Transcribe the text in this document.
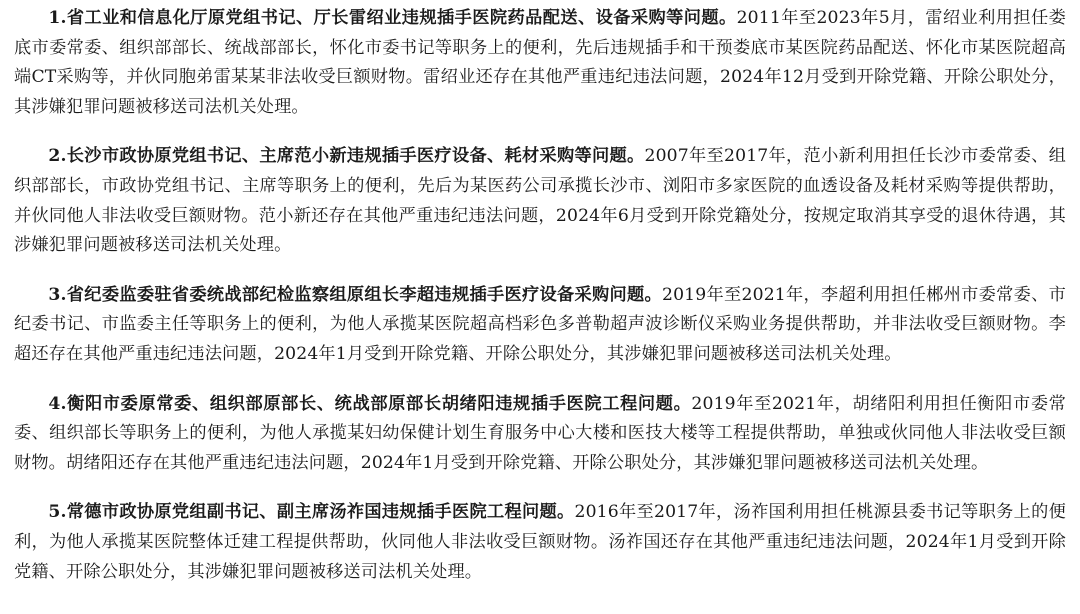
1.省工业和信息化厅原党组书记、厅长雷绍业违规插手医院药品配送、设备采购等问题。2011年至2023年5月，雷绍业利用担任娄底市委常委、组织部部长、统战部部长，怀化市委书记等职务上的便利，先后违规插手和干预娄底市某医院药品配送、怀化市某医院超高端CT采购等，并伙同胞弟雷某某非法收受巨额财物。雷绍业还存在其他严重违纪违法问题，2024年12月受到开除党籍、开除公职处分，其涉嫌犯罪问题被移送司法机关处理。

2.长沙市政协原党组书记、主席范小新违规插手医疗设备、耗材采购等问题。2007年至2017年，范小新利用担任长沙市委常委、组织部部长，市政协党组书记、主席等职务上的便利，先后为某医药公司承揽长沙市、浏阳市多家医院的血透设备及耗材采购等提供帮助，并伙同他人非法收受巨额财物。范小新还存在其他严重违纪违法问题，2024年6月受到开除党籍处分，按规定取消其享受的退休待遇，其涉嫌犯罪问题被移送司法机关处理。

3.省纪委监委驻省委统战部纪检监察组原组长李超违规插手医疗设备采购问题。2019年至2021年，李超利用担任郴州市委常委、市纪委书记、市监委主任等职务上的便利，为他人承揽某医院超高档彩色多普勒超声波诊断仪采购业务提供帮助，并非法收受巨额财物。李超还存在其他严重违纪违法问题，2024年1月受到开除党籍、开除公职处分，其涉嫌犯罪问题被移送司法机关处理。

4.衡阳市委原常委、组织部原部长、统战部原部长胡绪阳违规插手医院工程问题。2019年至2021年，胡绪阳利用担任衡阳市委常委、组织部长等职务上的便利，为他人承揽某妇幼保健计划生育服务中心大楼和医技大楼等工程提供帮助，单独或伙同他人非法收受巨额财物。胡绪阳还存在其他严重违纪违法问题，2024年1月受到开除党籍、开除公职处分，其涉嫌犯罪问题被移送司法机关处理。

5.常德市政协原党组副书记、副主席汤祚国违规插手医院工程问题。2016年至2017年，汤祚国利用担任桃源县委书记等职务上的便利，为他人承揽某医院整体迁建工程提供帮助，伙同他人非法收受巨额财物。汤祚国还存在其他严重违纪违法问题，2024年1月受到开除党籍、开除公职处分，其涉嫌犯罪问题被移送司法机关处理。
